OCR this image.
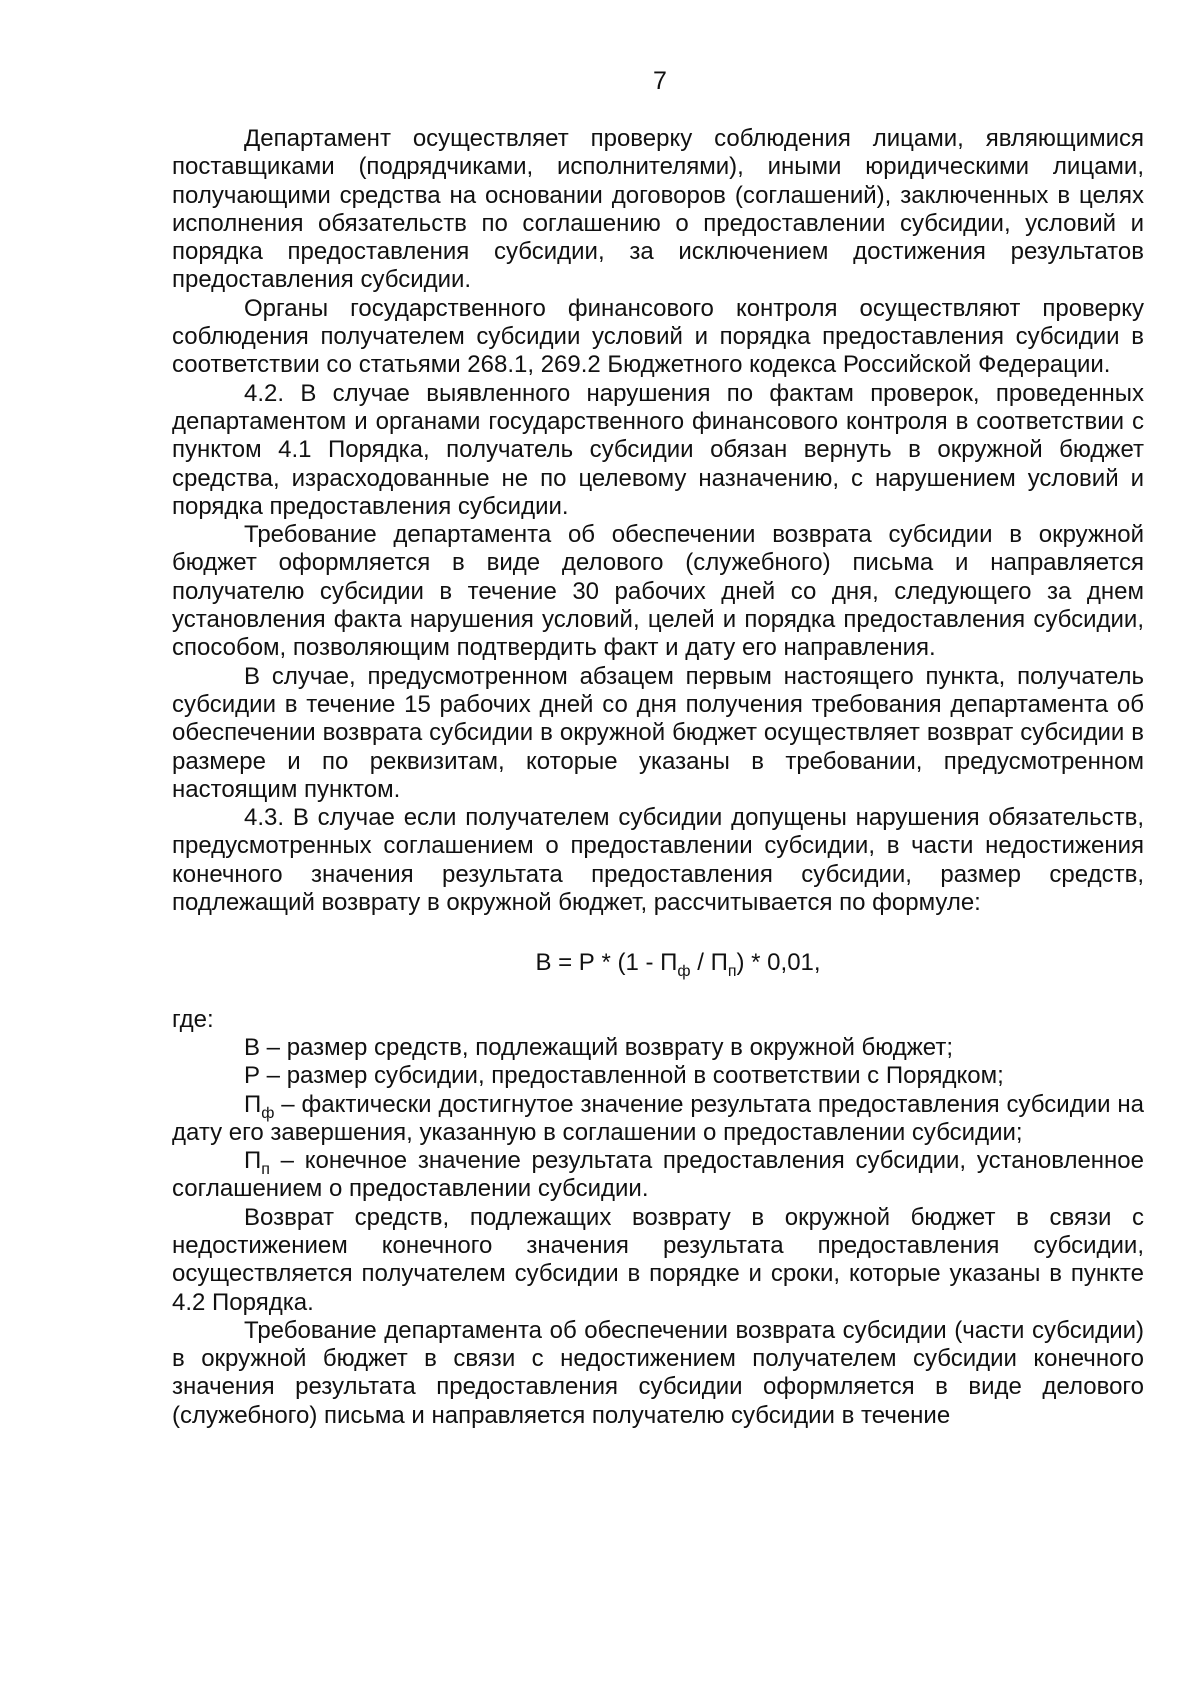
7

Департамент осуществляет проверку соблюдения лицами, являющимися поставщиками (подрядчиками, исполнителями), иными юридическими лицами, получающими средства на основании договоров (соглашений), заключенных в целях исполнения обязательств по соглашению о предоставлении субсидии, условий и порядка предоставления субсидии, за исключением достижения результатов предоставления субсидии.

Органы государственного финансового контроля осуществляют проверку соблюдения получателем субсидии условий и порядка предоставления субсидии в соответствии со статьями 268.1, 269.2 Бюджетного кодекса Российской Федерации.

4.2. В случае выявленного нарушения по фактам проверок, проведенных департаментом и органами государственного финансового контроля в соответствии с пунктом 4.1 Порядка, получатель субсидии обязан вернуть в окружной бюджет средства, израсходованные не по целевому назначению, с нарушением условий и порядка предоставления субсидии.

Требование департамента об обеспечении возврата субсидии в окружной бюджет оформляется в виде делового (служебного) письма и направляется получателю субсидии в течение 30 рабочих дней со дня, следующего за днем установления факта нарушения условий, целей и порядка предоставления субсидии, способом, позволяющим подтвердить факт и дату его направления.

В случае, предусмотренном абзацем первым настоящего пункта, получатель субсидии в течение 15 рабочих дней со дня получения требования департамента об обеспечении возврата субсидии в окружной бюджет осуществляет возврат субсидии в размере и по реквизитам, которые указаны в требовании, предусмотренном настоящим пунктом.

4.3. В случае если получателем субсидии допущены нарушения обязательств, предусмотренных соглашением о предоставлении субсидии, в части недостижения конечного значения результата предоставления субсидии, размер средств, подлежащий возврату в окружной бюджет, рассчитывается по формуле:

$В = Р * (1 - П_ф / П_п) * 0,01$,

где:

В – размер средств, подлежащий возврату в окружной бюджет;

Р – размер субсидии, предоставленной в соответствии с Порядком;

$П_ф$ – фактически достигнутое значение результата предоставления субсидии на дату его завершения, указанную в соглашении о предоставлении субсидии;

$П_п$ – конечное значение результата предоставления субсидии, установленное соглашением о предоставлении субсидии.

Возврат средств, подлежащих возврату в окружной бюджет в связи с недостижением конечного значения результата предоставления субсидии, осуществляется получателем субсидии в порядке и сроки, которые указаны в пункте 4.2 Порядка.

Требование департамента об обеспечении возврата субсидии (части субсидии) в окружной бюджет в связи с недостижением получателем субсидии конечного значения результата предоставления субсидии оформляется в виде делового (служебного) письма и направляется получателю субсидии в течение
